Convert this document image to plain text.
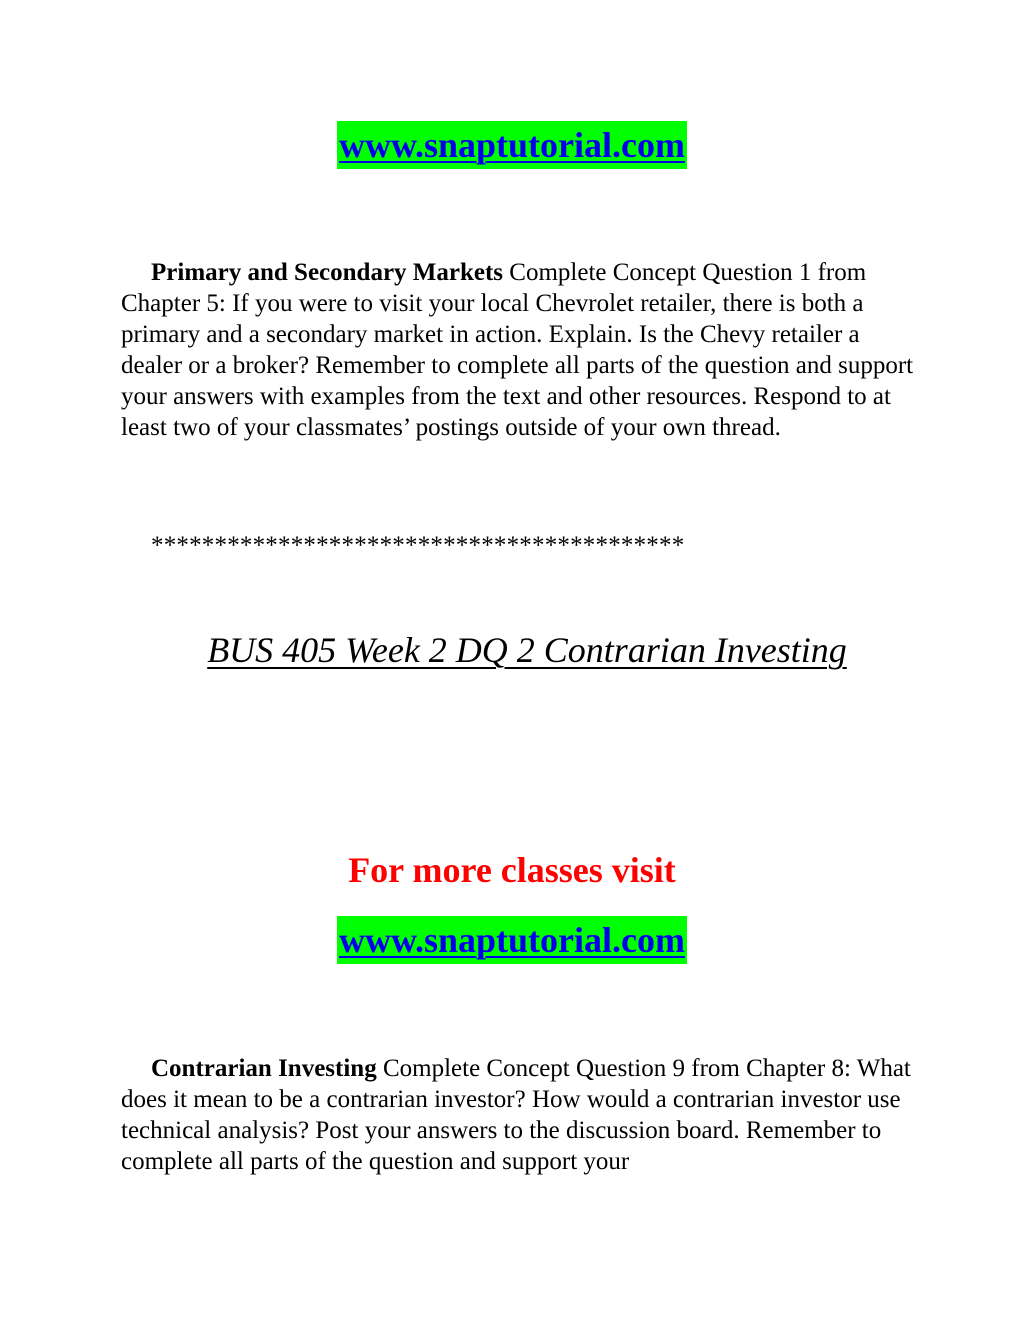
www.snaptutorial.com

Primary and Secondary Markets Complete Concept Question 1 from Chapter 5: If you were to visit your local Chevrolet retailer, there is both a primary and a secondary market in action. Explain. Is the Chevy retailer a dealer or a broker? Remember to complete all parts of the question and support your answers with examples from the text and other resources. Respond to at least two of your classmates’ postings outside of your own thread.

******************************************
BUS 405 Week 2 DQ 2 Contrarian Investing
For more classes visit
www.snaptutorial.com

Contrarian Investing Complete Concept Question 9 from Chapter 8: What does it mean to be a contrarian investor? How would a contrarian investor use technical analysis? Post your answers to the discussion board. Remember to complete all parts of the question and support your
